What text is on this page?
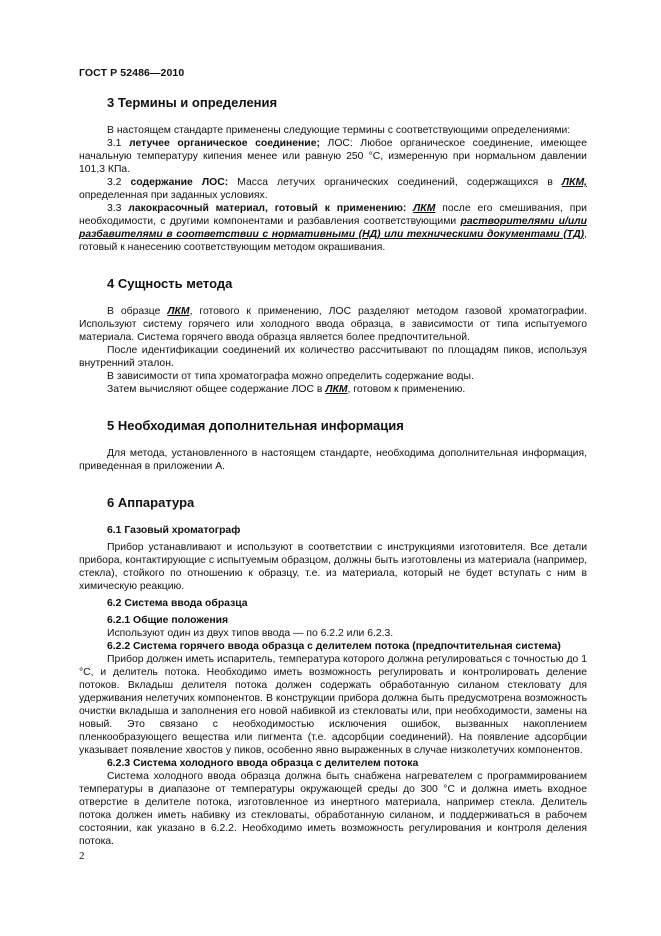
ГОСТ Р 52486—2010
3 Термины и определения

В настоящем стандарте применены следующие термины с соответствующими определениями:

3.1 летучее органическое соединение; ЛОС: Любое органическое соединение, имеющее начальную температуру кипения менее или равную 250 °С, измеренную при нормальном давлении 101,3 КПа.

3.2 содержание ЛОС: Масса летучих органических соединений, содержащихся в ЛКМ, определенная при заданных условиях.

3.3 лакокрасочный материал, готовый к применению: ЛКМ после его смешивания, при необходимости, с другими компонентами и разбавления соответствующими растворителями и/или разбавителями в соответствии с нормативными (НД) или техническими документами (ТД), готовый к нанесению соответствующим методом окрашивания.

4 Сущность метода

В образце ЛКМ, готового к применению, ЛОС разделяют методом газовой хроматографии. Используют систему горячего или холодного ввода образца, в зависимости от типа испытуемого материала. Система горячего ввода образца является более предпочтительной.

После идентификации соединений их количество рассчитывают по площадям пиков, используя внутренний эталон.

В зависимости от типа хроматографа можно определить содержание воды.

Затем вычисляют общее содержание ЛОС в ЛКМ, готовом к применению.

5 Необходимая дополнительная информация

Для метода, установленного в настоящем стандарте, необходима дополнительная информация, приведенная в приложении А.

6 Аппаратура
6.1 Газовый хроматограф

Прибор устанавливают и используют в соответствии с инструкциями изготовителя. Все детали прибора, контактирующие с испытуемым образцом, должны быть изготовлены из материала (например, стекла), стойкого по отношению к образцу, т.е. из материала, который не будет вступать с ним в химическую реакцию.

6.2 Система ввода образца
6.2.1 Общие положения

Используют один из двух типов ввода — по 6.2.2 или 6.2.3.

6.2.2 Система горячего ввода образца с делителем потока (предпочтительная система)

Прибор должен иметь испаритель, температура которого должна регулироваться с точностью до 1 °С, и делитель потока. Необходимо иметь возможность регулировать и контролировать деление потоков. Вкладыш делителя потока должен содержать обработанную силаном стекловату для удерживания нелетучих компонентов. В конструкции прибора должна быть предусмотрена возможность очистки вкладыша и заполнения его новой набивкой из стекловаты или, при необходимости, замены на новый. Это связано с необходимостью исключения ошибок, вызванных накоплением пленкообразующего вещества или пигмента (т.е. адсорбции соединений). На появление адсорбции указывает появление хвостов у пиков, особенно явно выраженных в случае низколетучих компонентов.

6.2.3 Система холодного ввода образца с делителем потока

Система холодного ввода образца должна быть снабжена нагревателем с программированием температуры в диапазоне от температуры окружающей среды до 300 °С и должна иметь входное отверстие в делителе потока, изготовленное из инертного материала, например стекла. Делитель потока должен иметь набивку из стекловаты, обработанную силаном, и поддерживаться в рабочем состоянии, как указано в 6.2.2. Необходимо иметь возможность регулирования и контроля деления потока.

2
